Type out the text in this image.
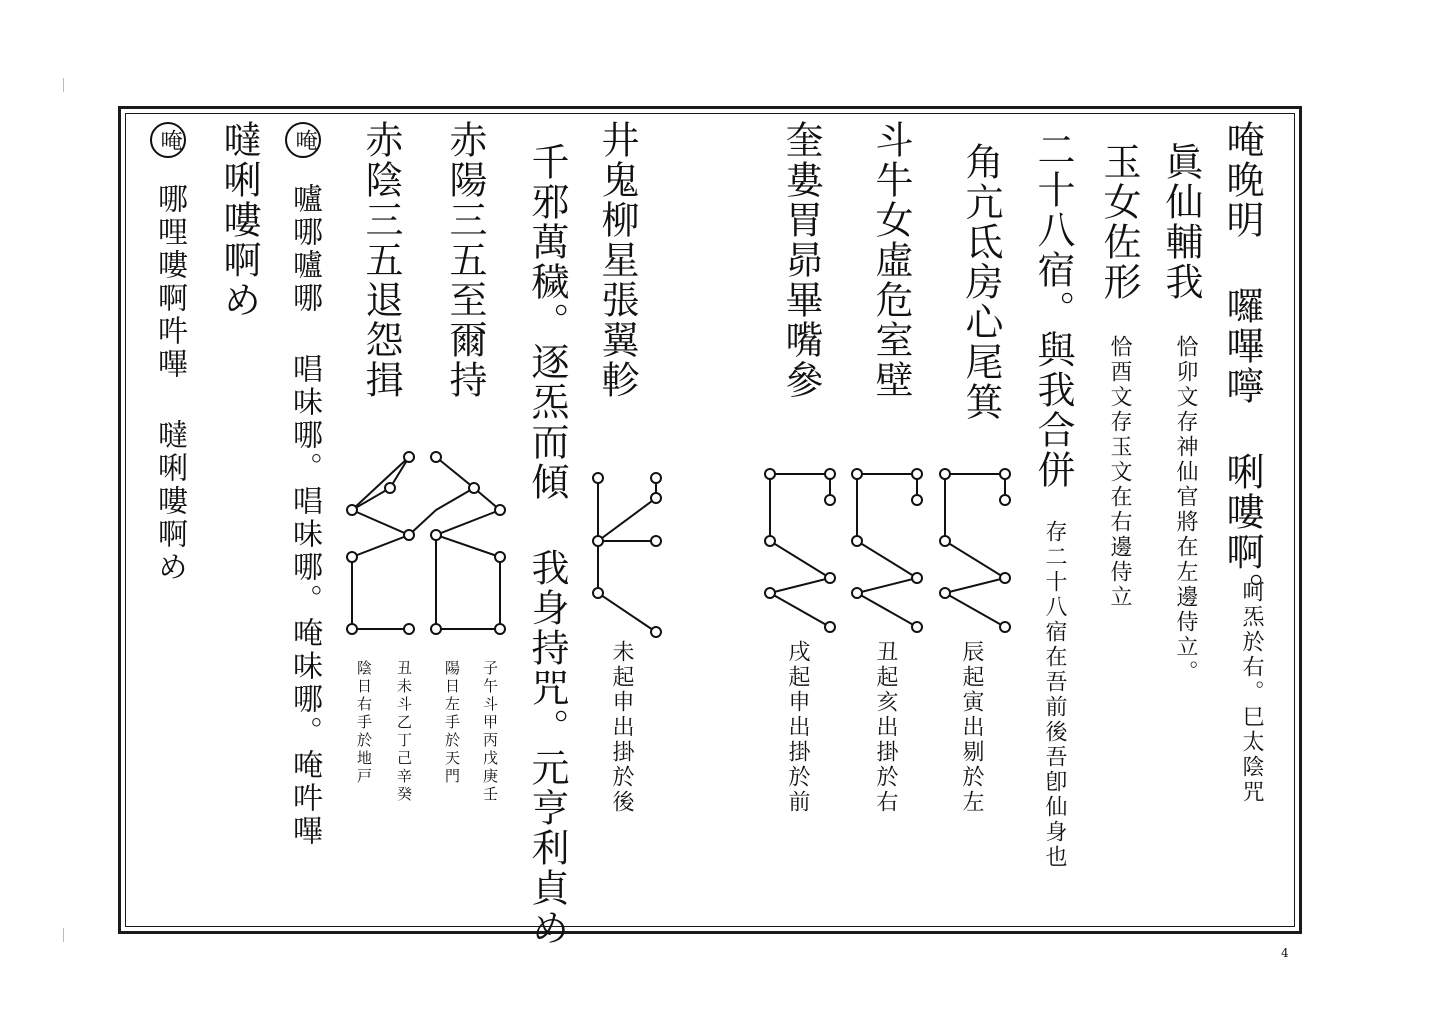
唵晚明 囉嗶嚀 唎嘍啊。
呵炁於右。巳太陰咒
眞仙輔我
恰卯文存神仙官將在左邊侍立。
玉女佐形
恰酉文存玉文在右邊侍立
二十八宿。與我合併
存二十八宿在吾前後吾卽仙身也
角亢氐房心尾箕
辰起寅出剔於左
斗牛女虛危室壁
丑起亥出掛於右
奎婁胃昴畢嘴參
戌起申出掛於前
井鬼柳星張翼軫
未起申出掛於後
千邪萬穢。逐炁而傾 我身持咒。元亨利貞め
赤陽三五至爾持
子午斗甲丙戊庚壬
陽日左手於天門
赤陰三五退怨揖
丑未斗乙丁己辛癸
陰日右手於地戸
唵 嚧哪嚧哪 唱味哪。唱味哪。唵味哪。唵吽嗶
噠唎嘍啊め
唵 哪哩嘍啊吽嗶 噠唎嘍啊め
4
